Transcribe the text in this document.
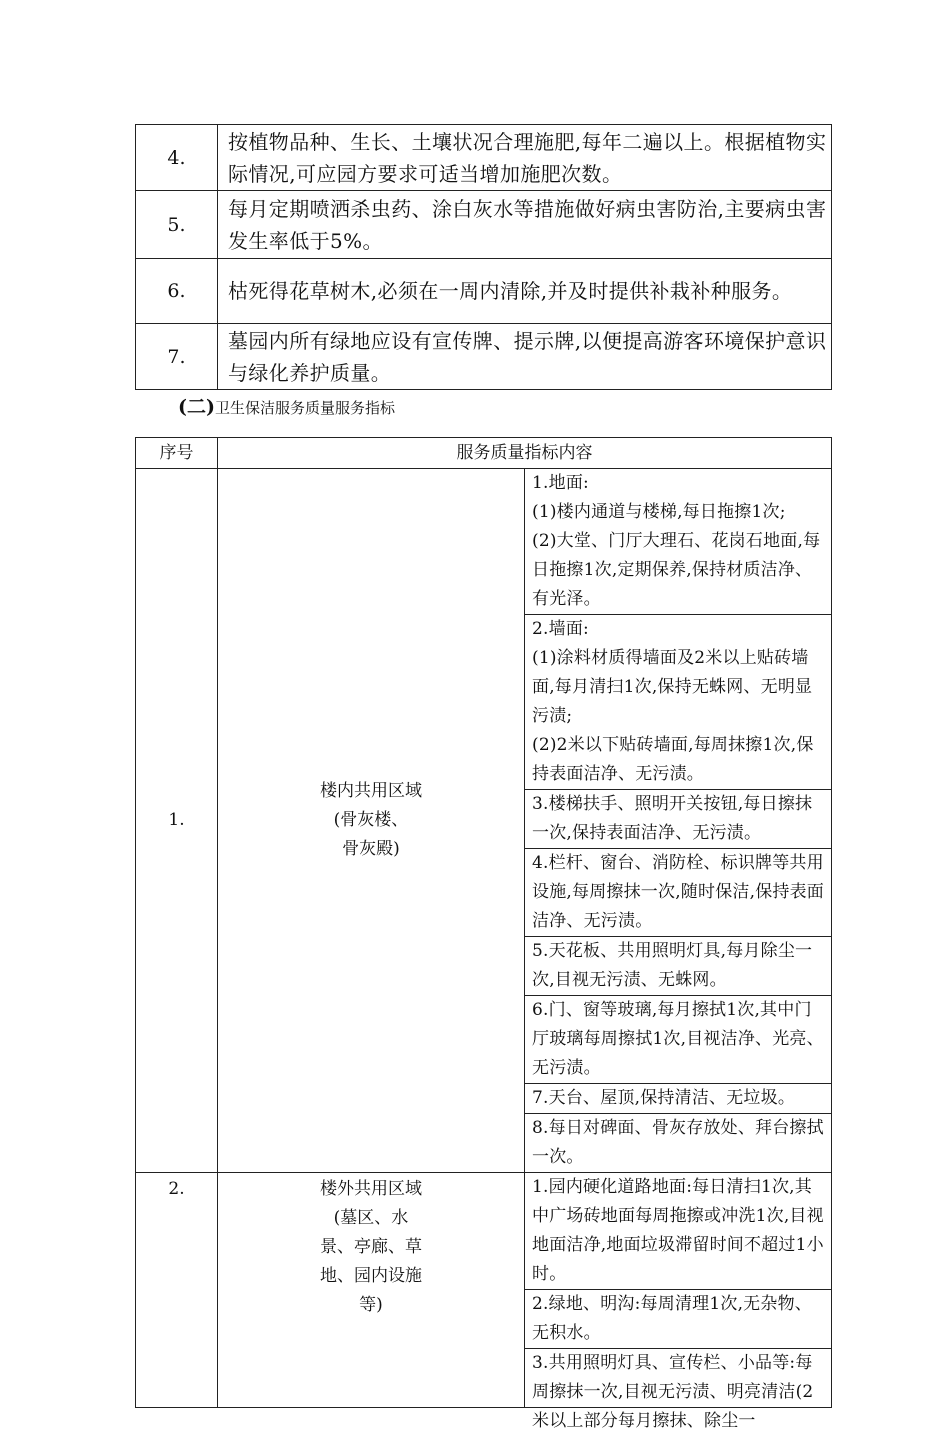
4.	按植物品种、生长、土壤状况合理施肥,每年二遍以上。根据植物实际情况,可应园方要求可适当增加施肥次数。
5.	每月定期喷洒杀虫药、涂白灰水等措施做好病虫害防治,主要病虫害发生率低于5%。
6.	枯死得花草树木,必须在一周内清除,并及时提供补栽补种服务。
7.	墓园内所有绿地应设有宣传牌、提示牌,以便提高游客环境保护意识与绿化养护质量。
(二)卫生保洁服务质量服务指标
序号	服务质量指标内容	
1.	楼内共用区域
(骨灰楼、
骨灰殿)	1.地面:
(1)楼内通道与楼梯,每日拖擦1次;
(2)大堂、门厅大理石、花岗石地面,每日拖擦1次,定期保养,保持材质洁净、有光泽。

		2.墙面:
(1)涂料材质得墙面及2米以上贴砖墙面,每月清扫1次,保持无蛛网、无明显污渍;
(2)2米以下贴砖墙面,每周抹擦1次,保持表面洁净、无污渍。

		3.楼梯扶手、照明开关按钮,每日擦抹一次,保持表面洁净、无污渍。
		4.栏杆、窗台、消防栓、标识牌等共用设施,每周擦抹一次,随时保洁,保持表面洁净、无污渍。
		5.天花板、共用照明灯具,每月除尘一次,目视无污渍、无蛛网。
		6.门、窗等玻璃,每月擦拭1次,其中门厅玻璃每周擦拭1次,目视洁净、光亮、无污渍。
		7.天台、屋顶,保持清洁、无垃圾。
		8.每日对碑面、骨灰存放处、拜台擦拭一次。
2.	楼外共用区域
(墓区、水
景、亭廊、草
地、园内设施
等)	1.园内硬化道路地面:每日清扫1次,其中广场砖地面每周拖擦或冲洗1次,目视地面洁净,地面垃圾滞留时间不超过1小时。
		2.绿地、明沟:每周清理1次,无杂物、无积水。

		3.共用照明灯具、宣传栏、小品等:每周擦抹一次,目视无污渍、明亮清洁(2米以上部分每月擦抹、除尘一
